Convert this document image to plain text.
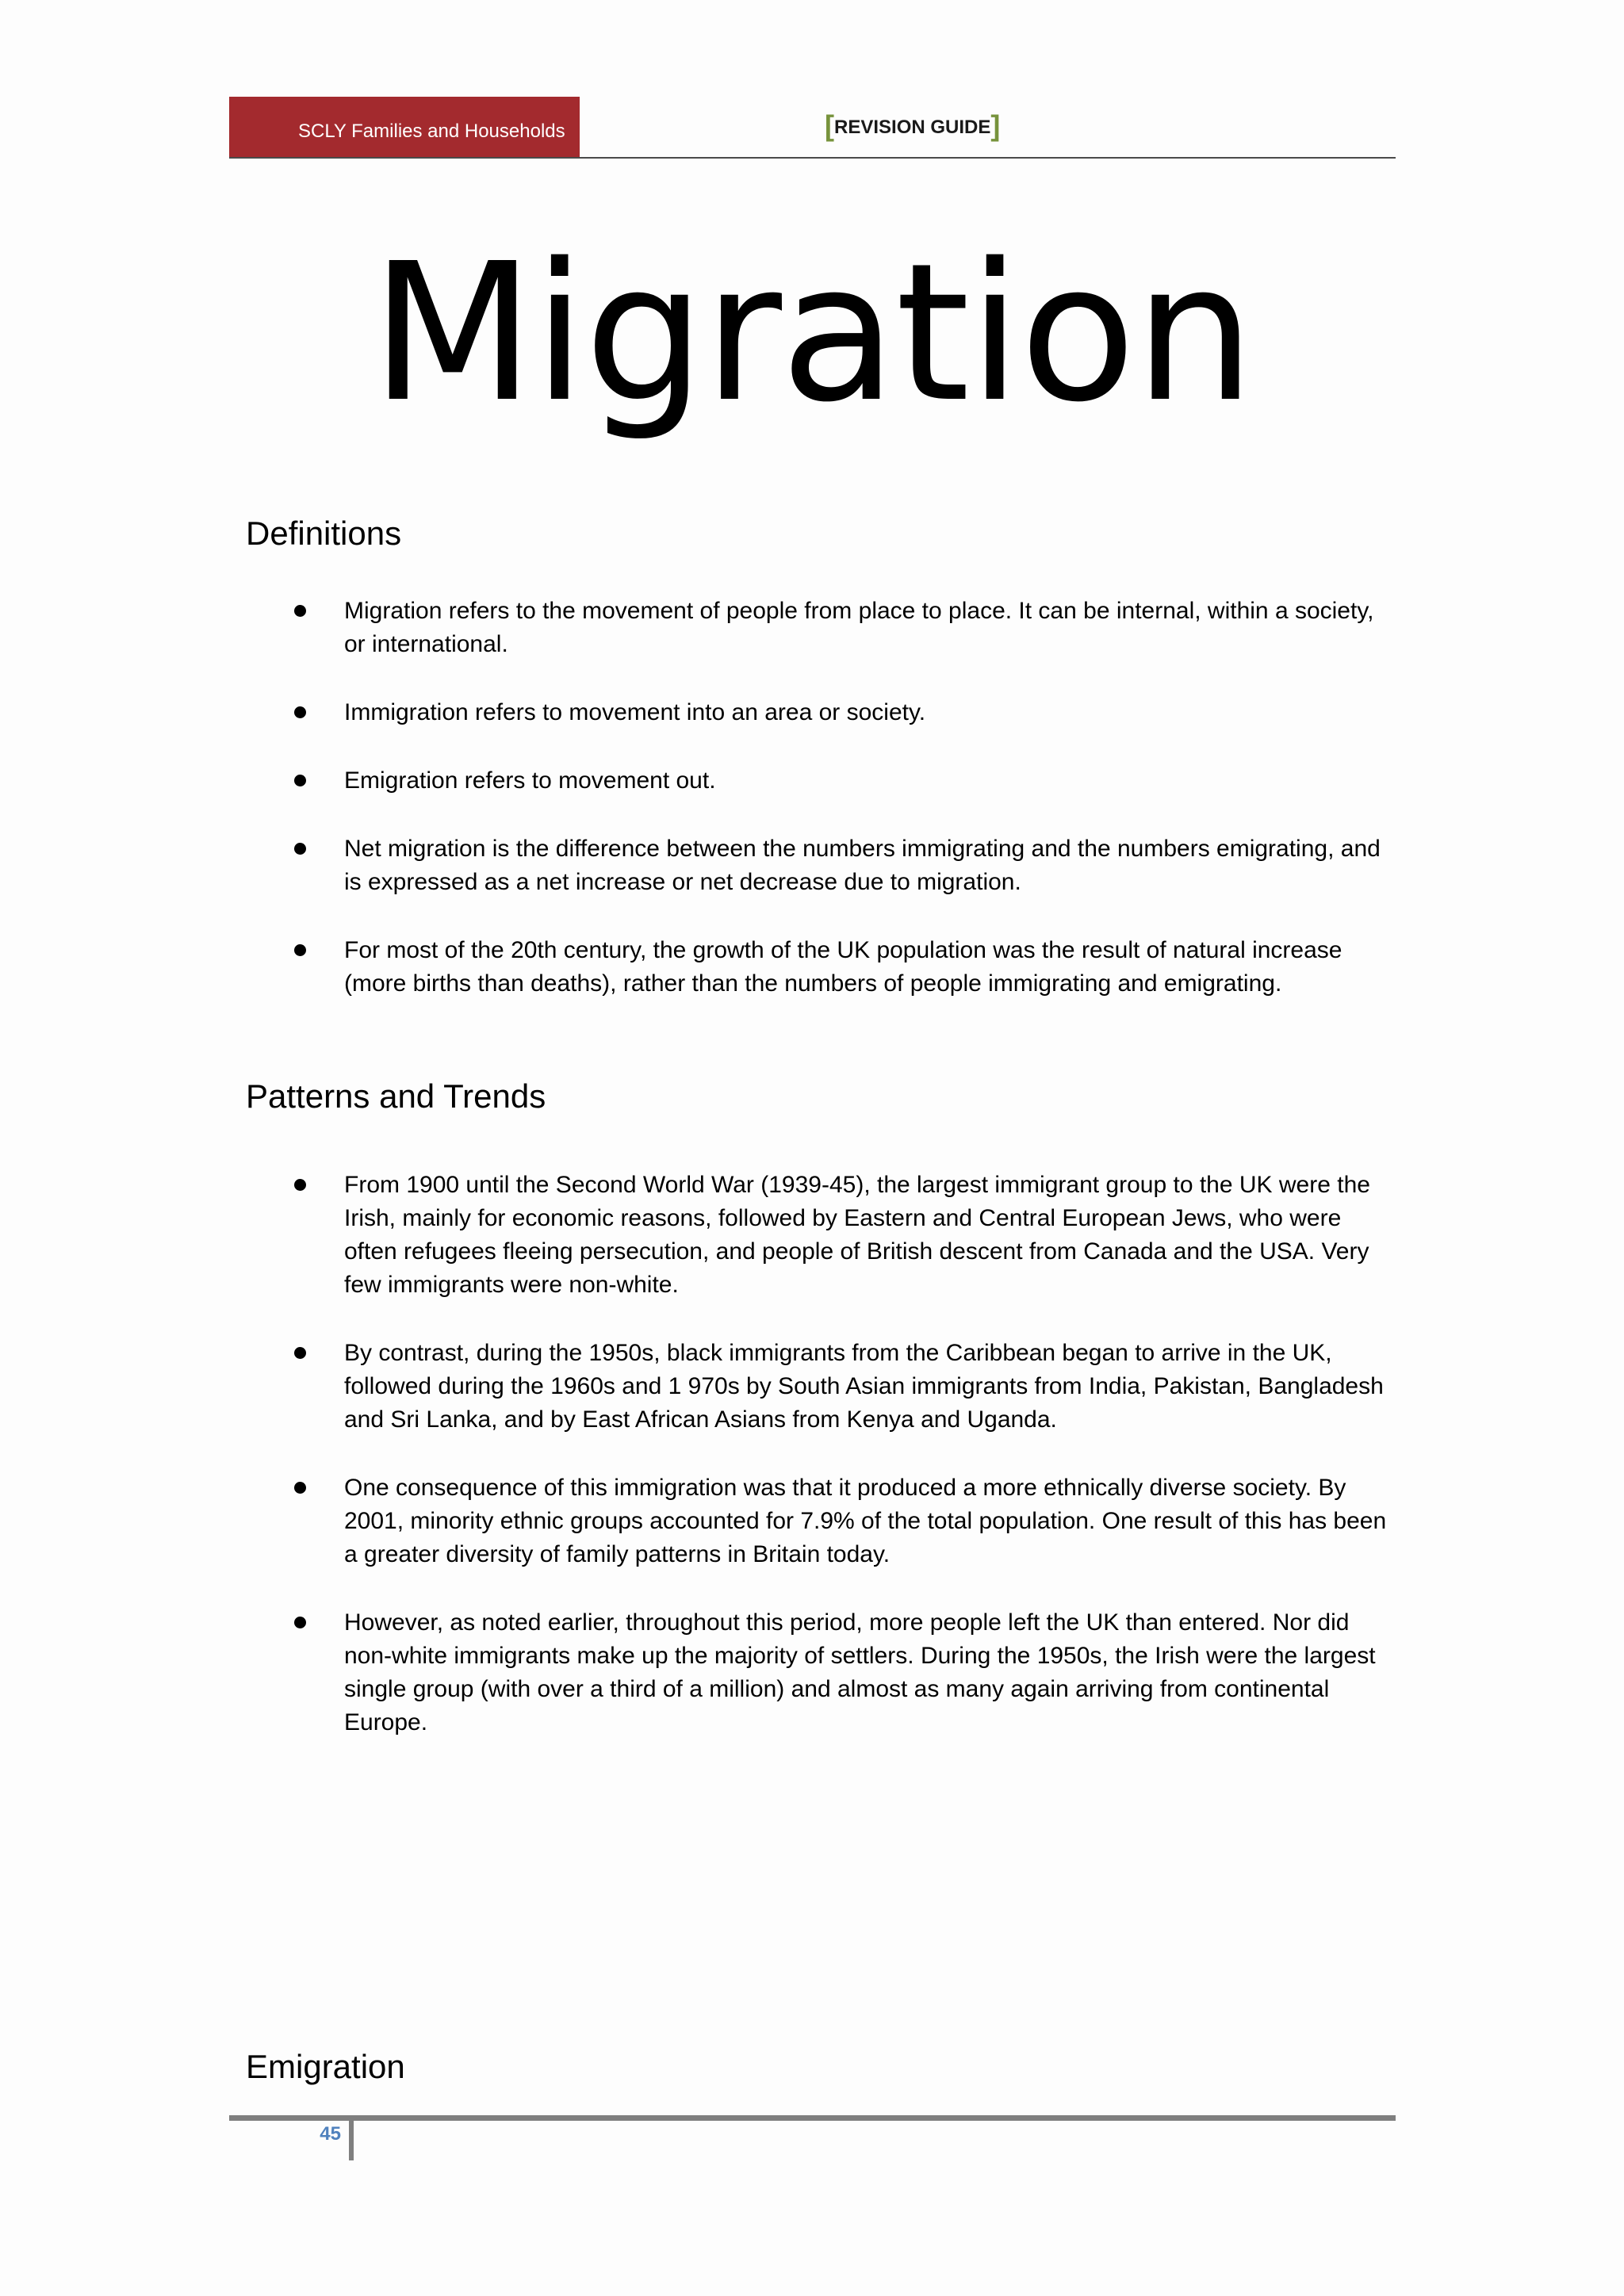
SCLY Families and Households	[REVISION GUIDE]
Migration
Definitions
Migration refers to the movement of people from place to place. It can be internal, within a society, or international.
Immigration refers to movement into an area or society.
Emigration refers to movement out.
Net migration is the difference between the numbers immigrating and the numbers emigrating, and is expressed as a net increase or net decrease due to migration.
For most of the 20th century, the growth of the UK population was the result of natural increase (more births than deaths), rather than the numbers of people immigrating and emigrating.
Patterns and Trends
From 1900 until the Second World War (1939-45), the largest immigrant group to the UK were the Irish, mainly for economic reasons, followed by Eastern and Central European Jews, who were often refugees fleeing persecution, and people of British descent from Canada and the USA. Very few immigrants were non-white.
By contrast, during the 1950s, black immigrants from the Caribbean began to arrive in the UK, followed during the 1960s and 1 970s by South Asian immigrants from India, Pakistan, Bangladesh and Sri Lanka, and by East African Asians from Kenya and Uganda.
One consequence of this immigration was that it produced a more ethnically diverse society. By 2001, minority ethnic groups accounted for 7.9% of the total population. One result of this has been a greater diversity of family patterns in Britain today.
However, as noted earlier, throughout this period, more people left the UK than entered. Nor did non-white immigrants make up the majority of settlers. During the 1950s, the Irish were the largest single group (with over a third of a million) and almost as many again arriving from continental Europe.
Emigration
45
